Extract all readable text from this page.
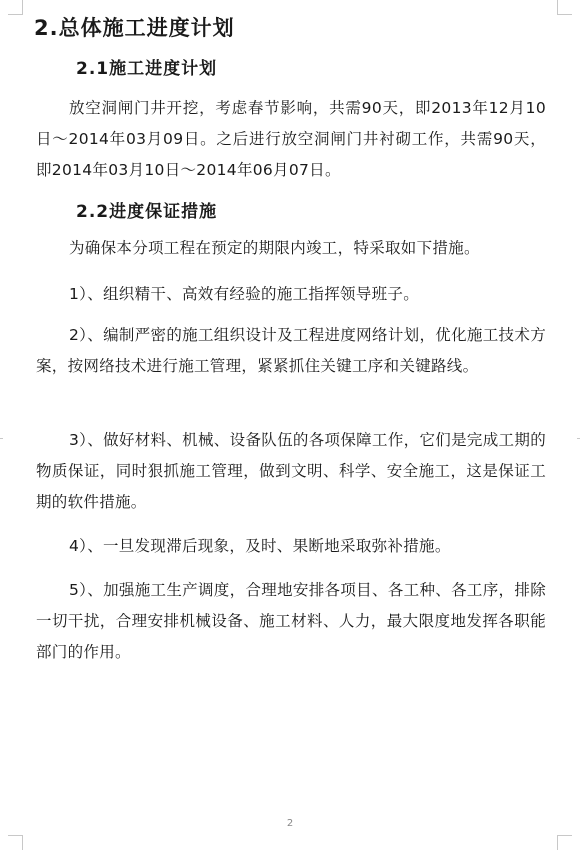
2.总体施工进度计划
2.1施工进度计划
放空洞闸门井开挖，考虑春节影响，共需90天，即2013年12月10日～2014年03月09日。之后进行放空洞闸门井衬砌工作，共需90天，即2014年03月10日～2014年06月07日。
2.2进度保证措施
为确保本分项工程在预定的期限内竣工，特采取如下措施。
1）、组织精干、高效有经验的施工指挥领导班子。
2）、编制严密的施工组织设计及工程进度网络计划，优化施工技术方案，按网络技术进行施工管理，紧紧抓住关键工序和关键路线。
3）、做好材料、机械、设备队伍的各项保障工作，它们是完成工期的物质保证，同时狠抓施工管理，做到文明、科学、安全施工，这是保证工期的软件措施。
4）、一旦发现滞后现象，及时、果断地采取弥补措施。
5）、加强施工生产调度，合理地安排各项目、各工种、各工序，排除一切干扰，合理安排机械设备、施工材料、人力，最大限度地发挥各职能部门的作用。
2
